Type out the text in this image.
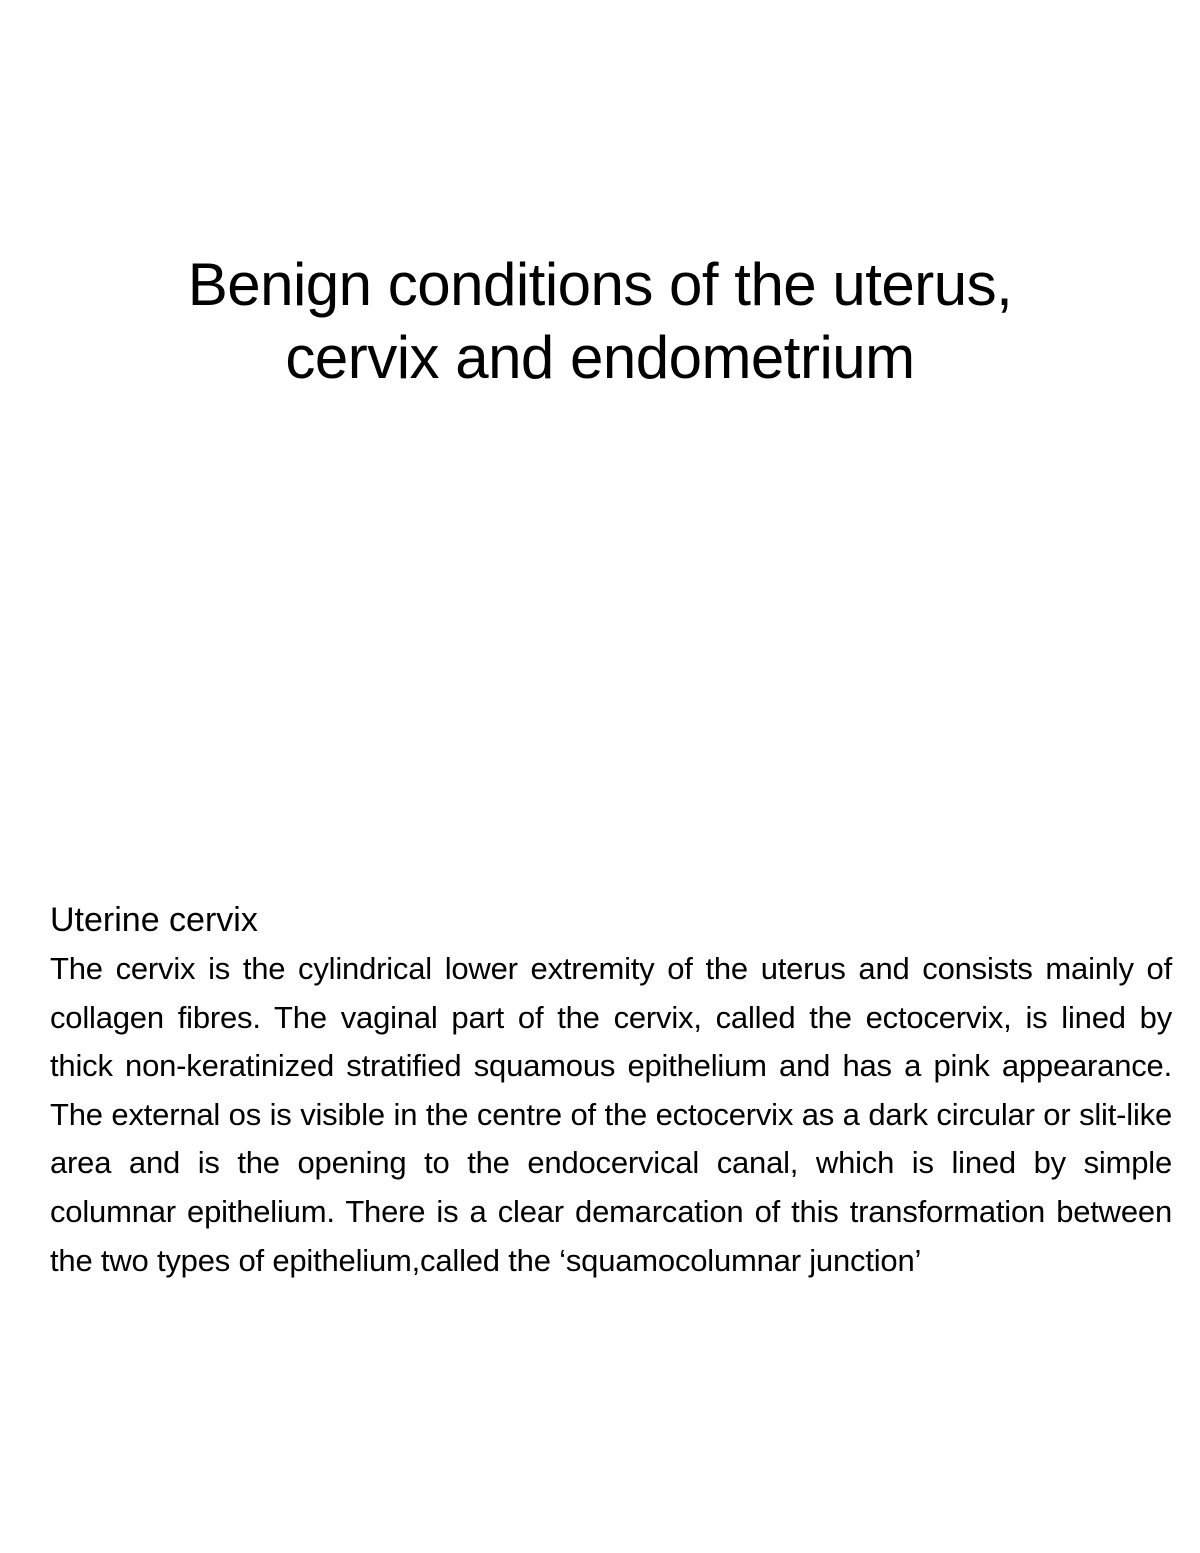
Benign conditions of the uterus,
cervix and endometrium
Uterine cervix

The cervix is the cylindrical lower extremity of the uterus and consists mainly of collagen fibres. The vaginal part of the cervix, called the ectocervix, is lined by thick non-keratinized stratified squamous epithelium and has a pink appearance. The external os is visible in the centre of the ectocervix as a dark circular or slit-like area and is the opening to the endocervical canal, which is lined by simple columnar epithelium. There is a clear demarcation of this transformation between the two types of epithelium,called the ‘squamocolumnar junction’
